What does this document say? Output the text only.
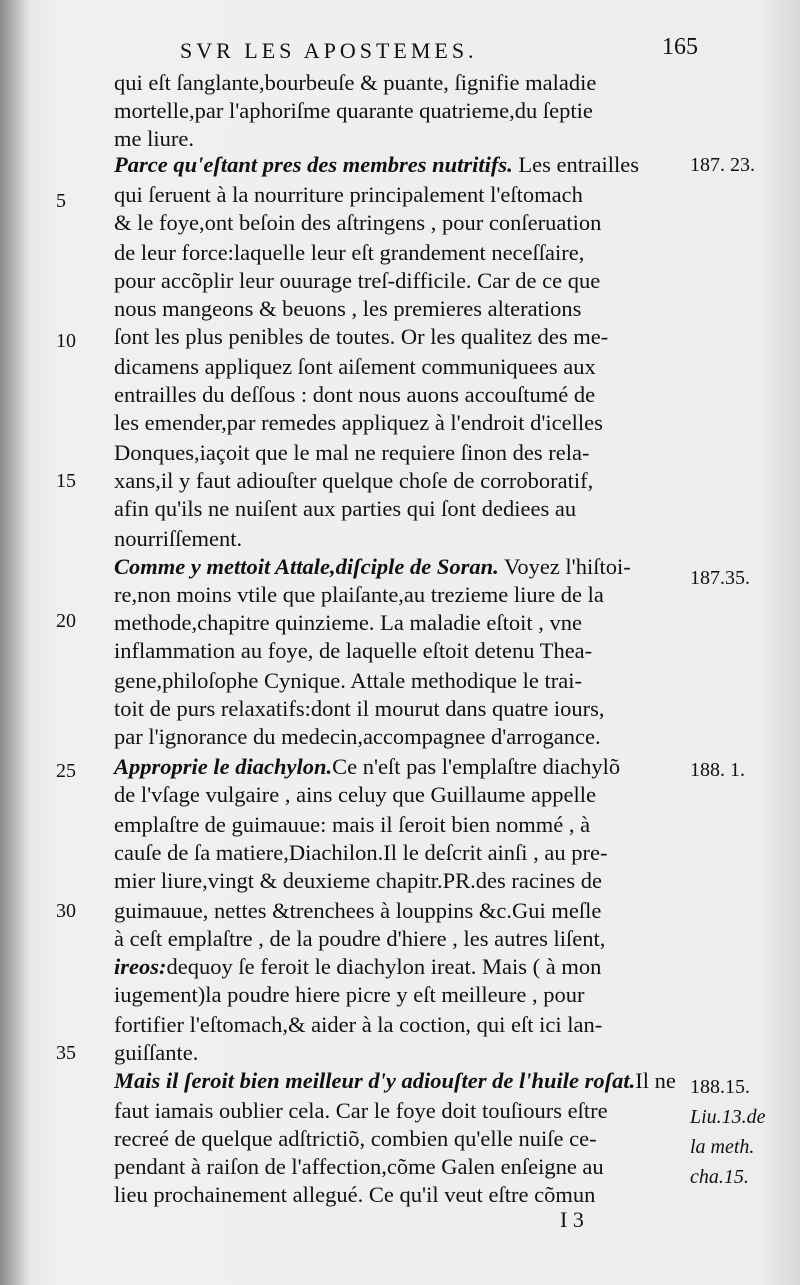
SVR LES APOSTEMES.	165
qui eſt ſanglante,bourbeuſe & puante, ſignifie maladie
mortelle,par l'aphoriſme quarante quatrieme,du ſeptie
me liure.
Parce qu'eſtant pres des membres nutritifs. Les entrailles
qui ſeruent à la nourriture principalement l'eſtomach
& le foye,ont beſoin des aſtringens , pour conſeruation
de leur force:laquelle leur eſt grandement neceſſaire,
pour accõplir leur ouurage treſ-difficile. Car de ce que
nous mangeons & beuons , les premieres alterations
ſont les plus penibles de toutes. Or les qualitez des me-
dicamens appliquez ſont aiſement communiquees aux
entrailles du deſſous : dont nous auons accouſtumé de
les emender,par remedes appliquez à l'endroit d'icelles
Donques,iaçoit que le mal ne requiere ſinon des rela-
xans,il y faut adiouſter quelque choſe de corroboratif,
afin qu'ils ne nuiſent aux parties qui ſont dediees au
nourriſſement.
Comme y mettoit Attale,diſciple de Soran. Voyez l'hiſtoi-
re,non moins vtile que plaiſante,au trezieme liure de la
methode,chapitre quinzieme. La maladie eſtoit , vne
inflammation au foye, de laquelle eſtoit detenu Thea-
gene,philoſophe Cynique. Attale methodique le trai-
toit de purs relaxatifs:dont il mourut dans quatre iours,
par l'ignorance du medecin,accompagnee d'arrogance.
Approprie le diachylon.Ce n'eſt pas l'emplaſtre diachylõ
de l'vſage vulgaire , ains celuy que Guillaume appelle
emplaſtre de guimauue: mais il ſeroit bien nommé , à
cauſe de ſa matiere,Diachilon.Il le deſcrit ainſi , au pre-
mier liure,vingt & deuxieme chapitr.PR.des racines de
guimauue, nettes &trenchees à louppins &c.Gui meſle
à ceſt emplaſtre , de la poudre d'hiere , les autres liſent,
ireos:dequoy ſe feroit le diachylon ireat. Mais ( à mon
iugement)la poudre hiere picre y eſt meilleure , pour
fortifier l'eſtomach,& aider à la coction, qui eſt ici lan-
guiſſante.
Mais il ſeroit bien meilleur d'y adiouſter de l'huile roſat.Il ne
faut iamais oublier cela. Car le foye doit touſiours eſtre
recreé de quelque adſtrictiõ, combien qu'elle nuiſe ce-
pendant à raiſon de l'affection,cõme Galen enſeigne au
lieu prochainement allegué. Ce qu'il veut eſtre cõmun
5
10
15
20
25
30
35
187. 23.
187.35.
188. 1.
188.15.
Liu.13.de
la meth.
cha.15.
I 3
